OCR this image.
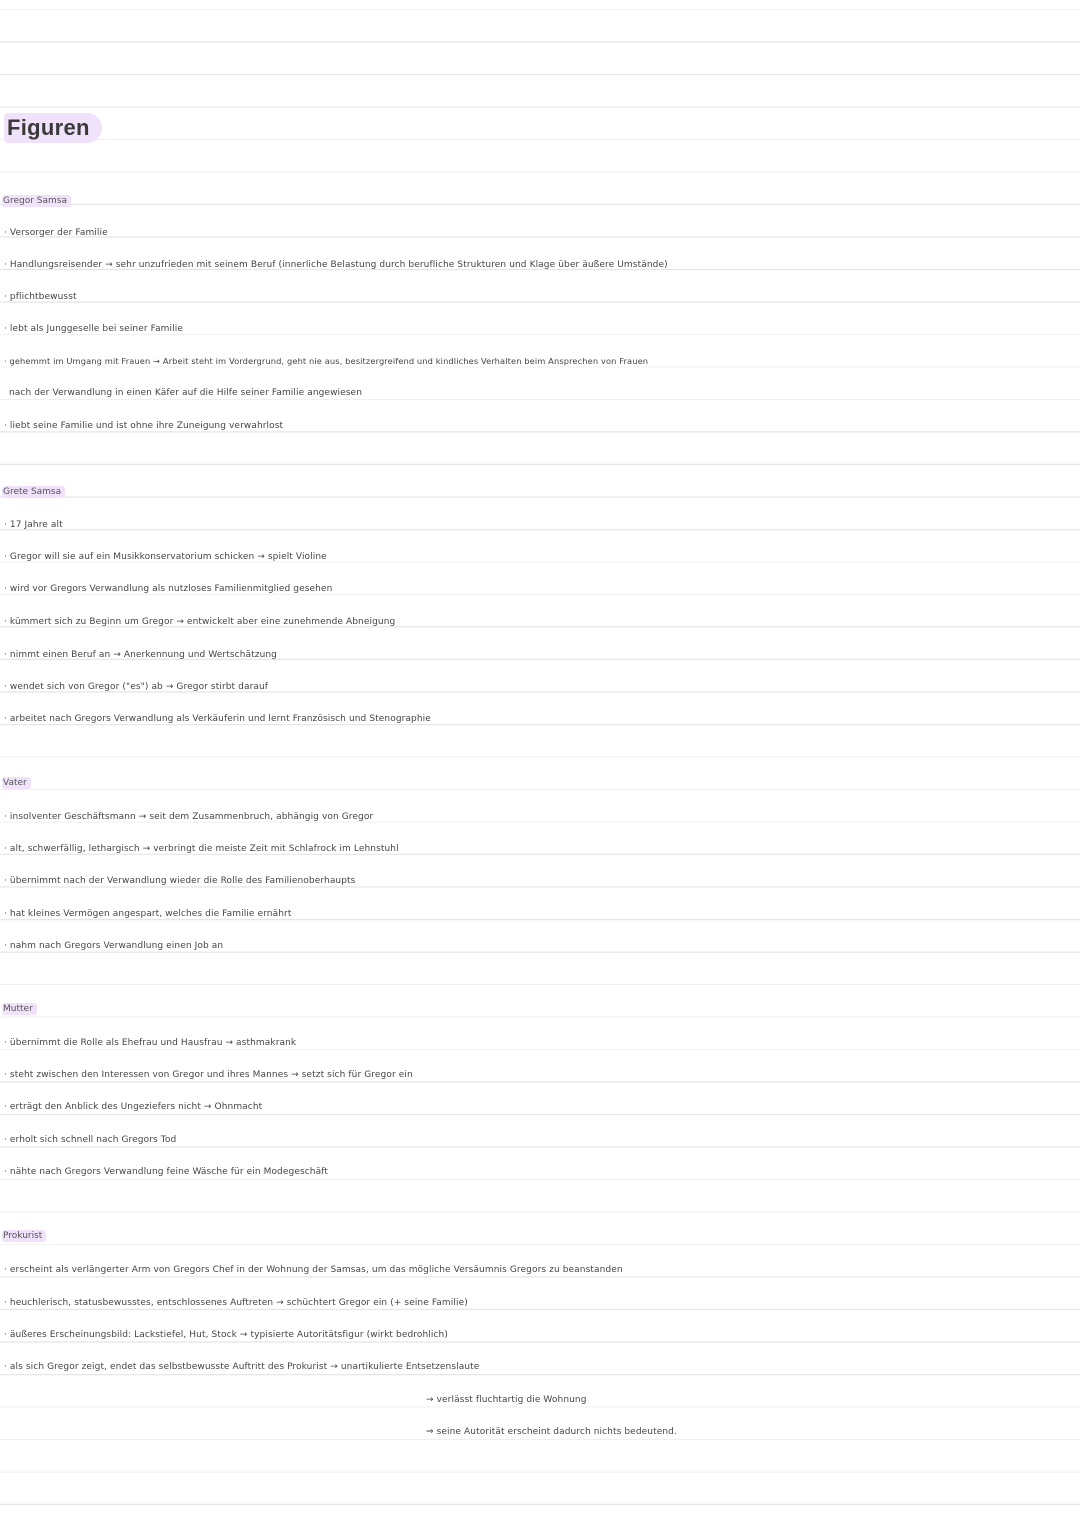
Figuren
Gregor Samsa
· Versorger der Familie
· Handlungsreisender → sehr unzufrieden mit seinem Beruf (innerliche Belastung durch berufliche Strukturen und Klage über äußere Umstände)
· pflichtbewusst
· lebt als Junggeselle bei seiner Familie
· gehemmt im Umgang mit Frauen → Arbeit steht im Vordergrund, geht nie aus, besitzergreifend und kindliches Verhalten beim Ansprechen von Frauen
nach der Verwandlung in einen Käfer auf die Hilfe seiner Familie angewiesen
· liebt seine Familie und ist ohne ihre Zuneigung verwahrlost
Grete Samsa
· 17 Jahre alt
· Gregor will sie auf ein Musikkonservatorium schicken → spielt Violine
· wird vor Gregors Verwandlung als nutzloses Familienmitglied gesehen
· kümmert sich zu Beginn um Gregor → entwickelt aber eine zunehmende Abneigung
· nimmt einen Beruf an → Anerkennung und Wertschätzung
· wendet sich von Gregor ("es") ab → Gregor stirbt darauf
· arbeitet nach Gregors Verwandlung als Verkäuferin und lernt Französisch und Stenographie
Vater
· insolventer Geschäftsmann → seit dem Zusammenbruch, abhängig von Gregor
· alt, schwerfällig, lethargisch → verbringt die meiste Zeit mit Schlafrock im Lehnstuhl
· übernimmt nach der Verwandlung wieder die Rolle des Familienoberhaupts
· hat kleines Vermögen angespart, welches die Familie ernährt
· nahm nach Gregors Verwandlung einen Job an
Mutter
· übernimmt die Rolle als Ehefrau und Hausfrau → asthmakrank
· steht zwischen den Interessen von Gregor und ihres Mannes → setzt sich für Gregor ein
· erträgt den Anblick des Ungeziefers nicht → Ohnmacht
· erholt sich schnell nach Gregors Tod
· nähte nach Gregors Verwandlung feine Wäsche für ein Modegeschäft
Prokurist
· erscheint als verlängerter Arm von Gregors Chef in der Wohnung der Samsas, um das mögliche Versäumnis Gregors zu beanstanden
· heuchlerisch, statusbewusstes, entschlossenes Auftreten → schüchtert Gregor ein (+ seine Familie)
· äußeres Erscheinungsbild: Lackstiefel, Hut, Stock → typisierte Autoritätsfigur (wirkt bedrohlich)
· als sich Gregor zeigt, endet das selbstbewusste Auftritt des Prokurist → unartikulierte Entsetzenslaute
→ verlässt fluchtartig die Wohnung
⇒ seine Autorität erscheint dadurch nichts bedeutend.
